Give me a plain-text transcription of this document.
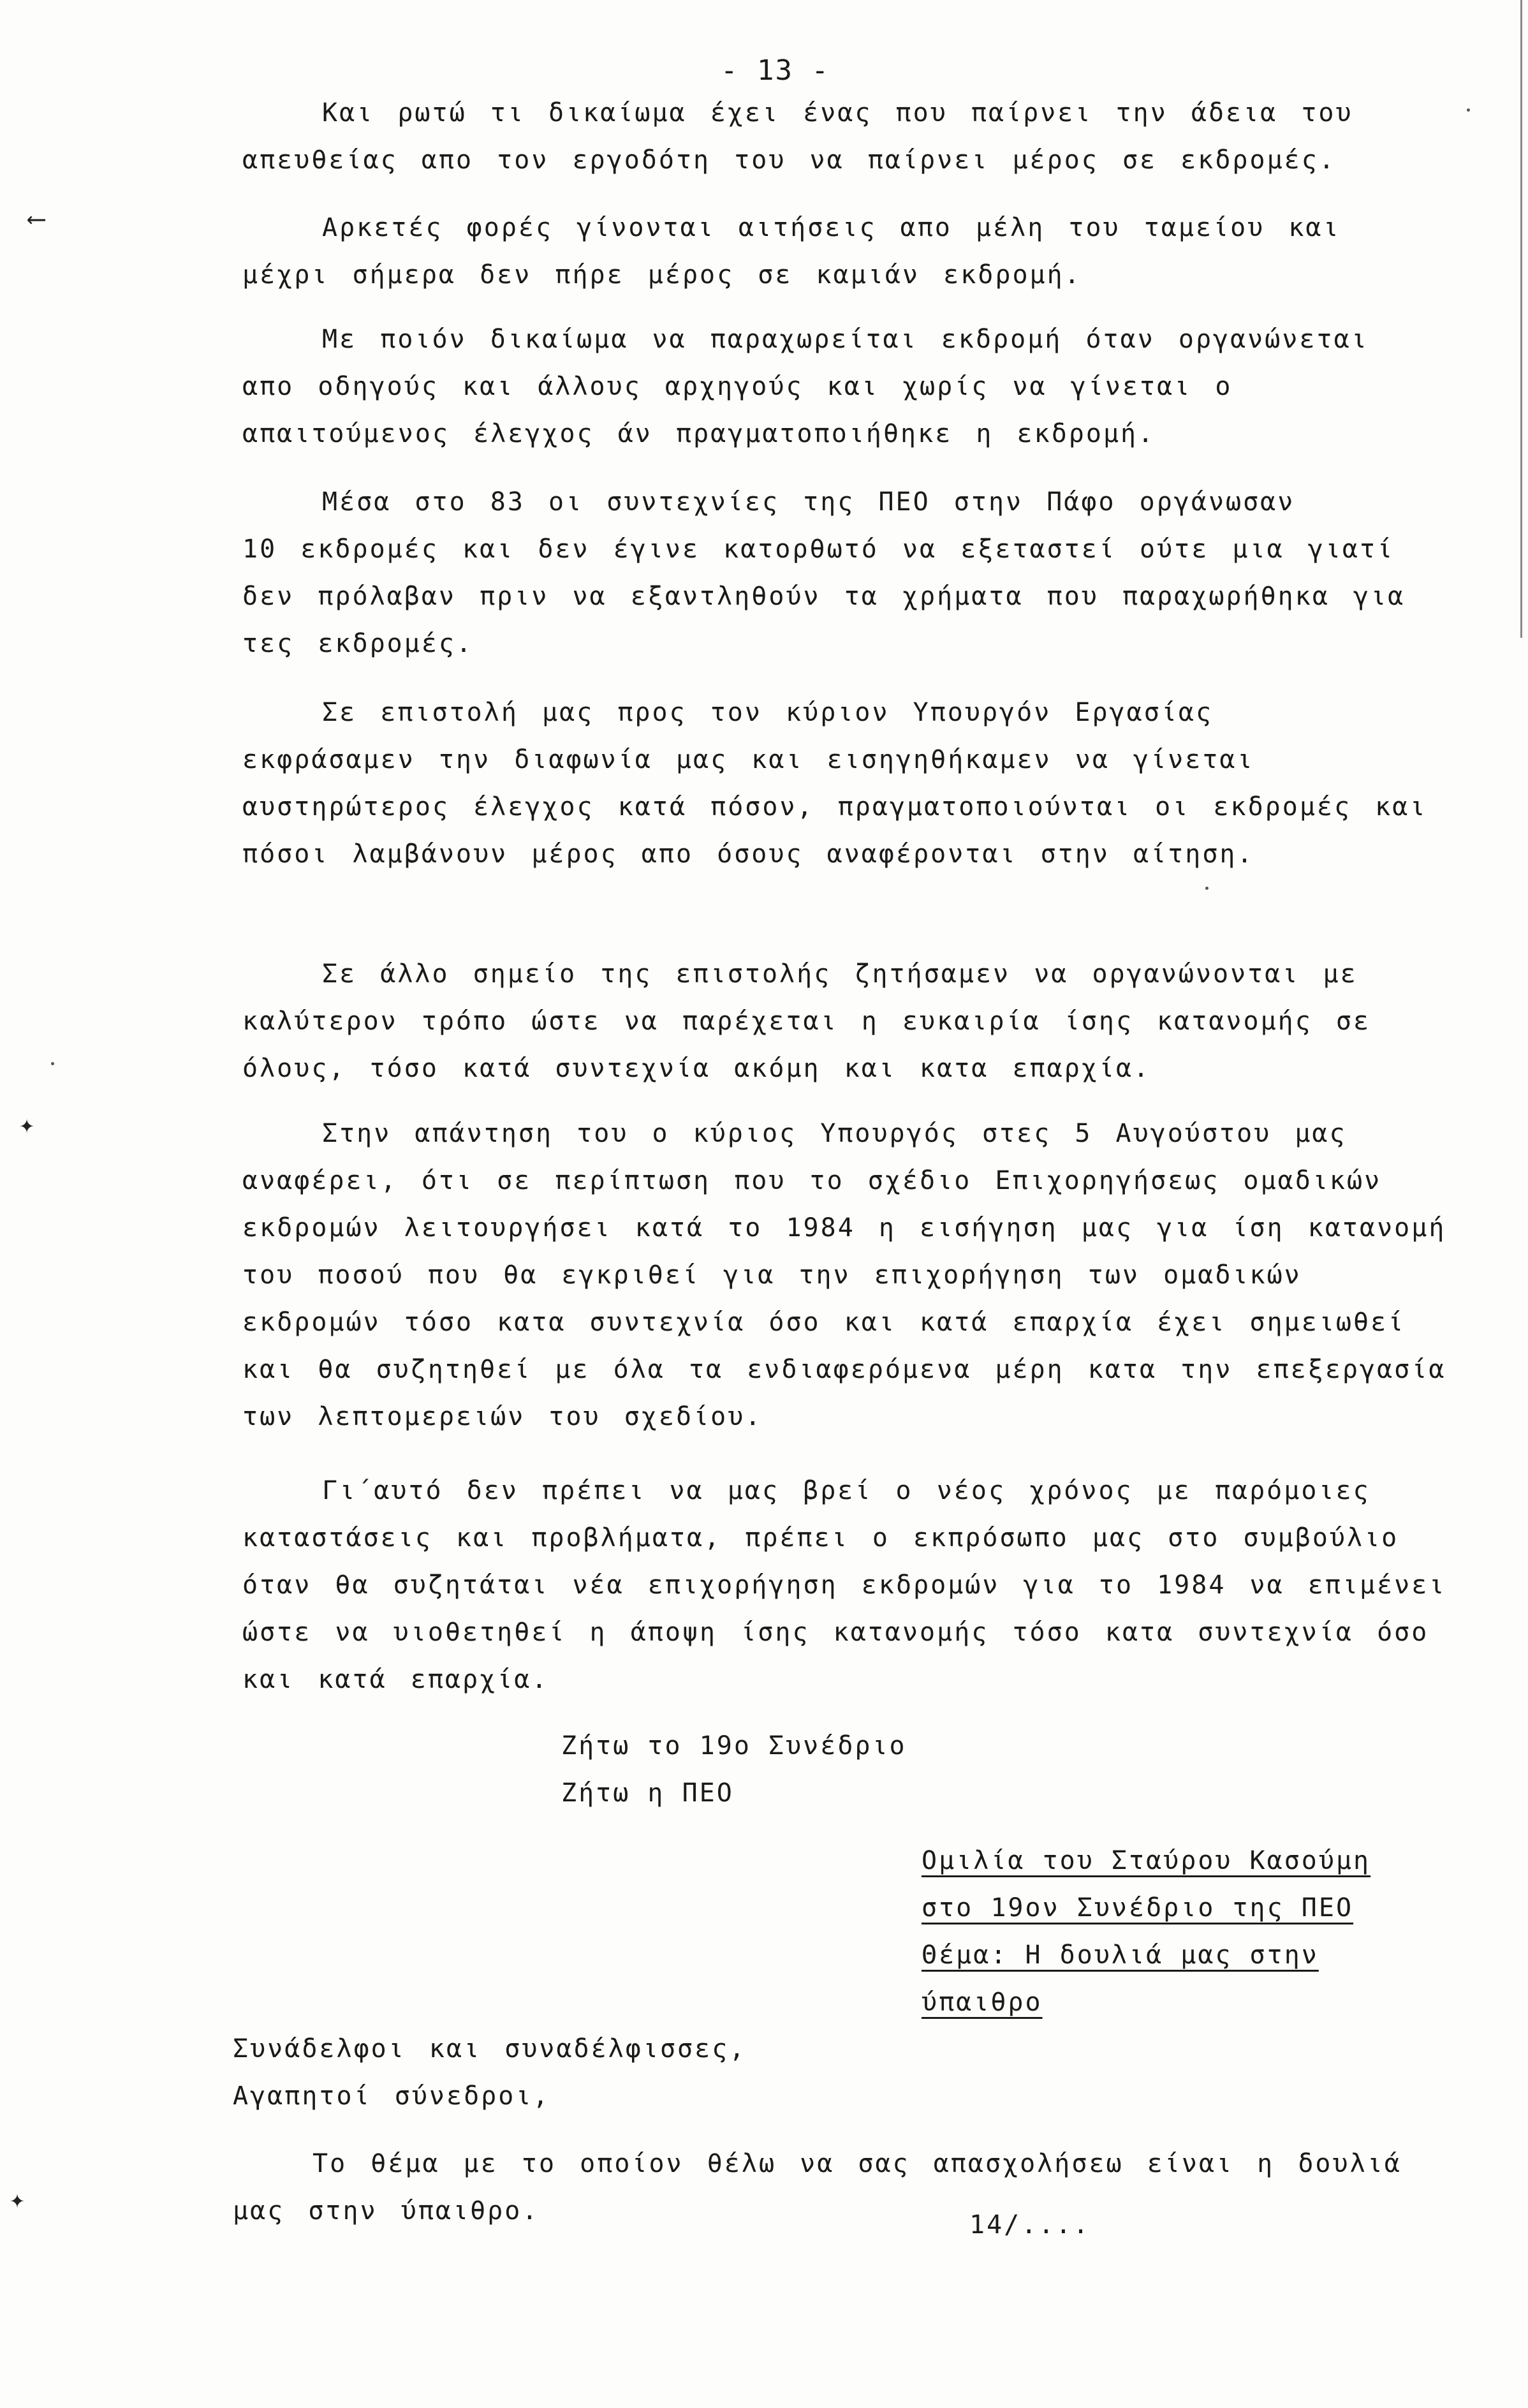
⟵
✦
✦
- 13 -
Και ρωτώ τι δικαίωμα έχει ένας που παίρνει την άδεια του
απευθείας απο τον εργοδότη του να παίρνει μέρος σε εκδρομές.
Αρκετές φορές γίνονται αιτήσεις απο μέλη του ταμείου και
μέχρι σήμερα δεν πήρε μέρος σε καμιάν εκδρομή.
Με ποιόν δικαίωμα να παραχωρείται εκδρομή όταν οργανώνεται
απο οδηγούς και άλλους αρχηγούς και χωρίς να γίνεται ο απαιτούμενος έλεγχος άν πραγματοποιήθηκε η εκδρομή.
Μέσα στο 83 οι συντεχνίες της ΠΕΟ στην Πάφο οργάνωσαν
10 εκδρομές και δεν έγινε κατορθωτό να εξεταστεί ούτε μια γιατί δεν πρόλαβαν πριν να εξαντληθούν τα χρήματα που παραχωρήθηκα για τες εκδρομές.
Σε επιστολή μας προς τον κύριον Υπουργόν Εργασίας
εκφράσαμεν την διαφωνία μας και εισηγηθήκαμεν να γίνεται αυστηρώτερος έλεγχος κατά πόσον, πραγματοποιούνται οι εκδρομές και πόσοι λαμβάνουν μέρος απο όσους αναφέρονται στην αίτηση.
Σε άλλο σημείο της επιστολής ζητήσαμεν να οργανώνονται με
καλύτερον τρόπο ώστε να παρέχεται η ευκαιρία ίσης κατανομής σε όλους, τόσο κατά συντεχνία ακόμη και κατα επαρχία.
Στην απάντηση του ο κύριος Υπουργός στες 5 Αυγούστου μας
αναφέρει, ότι σε περίπτωση που το σχέδιο Επιχορηγήσεως ομαδικών εκδρομών λειτουργήσει κατά το 1984 η εισήγηση μας για ίση κατανομή του ποσού που θα εγκριθεί για την επιχορήγηση των ομαδικών εκδρομών τόσο κατα συντεχνία όσο και κατά επαρχία έχει σημειωθεί και θα συζητηθεί με όλα τα ενδιαφερόμενα μέρη κατα την επεξεργασία των λεπτομερειών του σχεδίου.
Γι΄αυτό δεν πρέπει να μας βρεί ο νέος χρόνος με παρόμοιες
καταστάσεις και προβλήματα, πρέπει ο εκπρόσωπο μας στο συμβούλιο όταν θα συζητάται νέα επιχορήγηση εκδρομών για το 1984 να επιμένει ώστε να υιοθετηθεί η άποψη ίσης κατανομής τόσο κατα συντεχνία όσο και κατά επαρχία.
Ζήτω το 19ο Συνέδριο
Ζήτω η ΠΕΟ
Ομιλία του Σταύρου Κασούμη
στο 19ον Συνέδριο της ΠΕΟ
Θέμα: Η δουλιά μας στην
ύπαιθρο
Συνάδελφοι και συναδέλφισσες,
Αγαπητοί σύνεδροι,
Το θέμα με το οποίον θέλω να σας απασχολήσεω είναι η δουλιά
μας στην ύπαιθρο.	14/....
